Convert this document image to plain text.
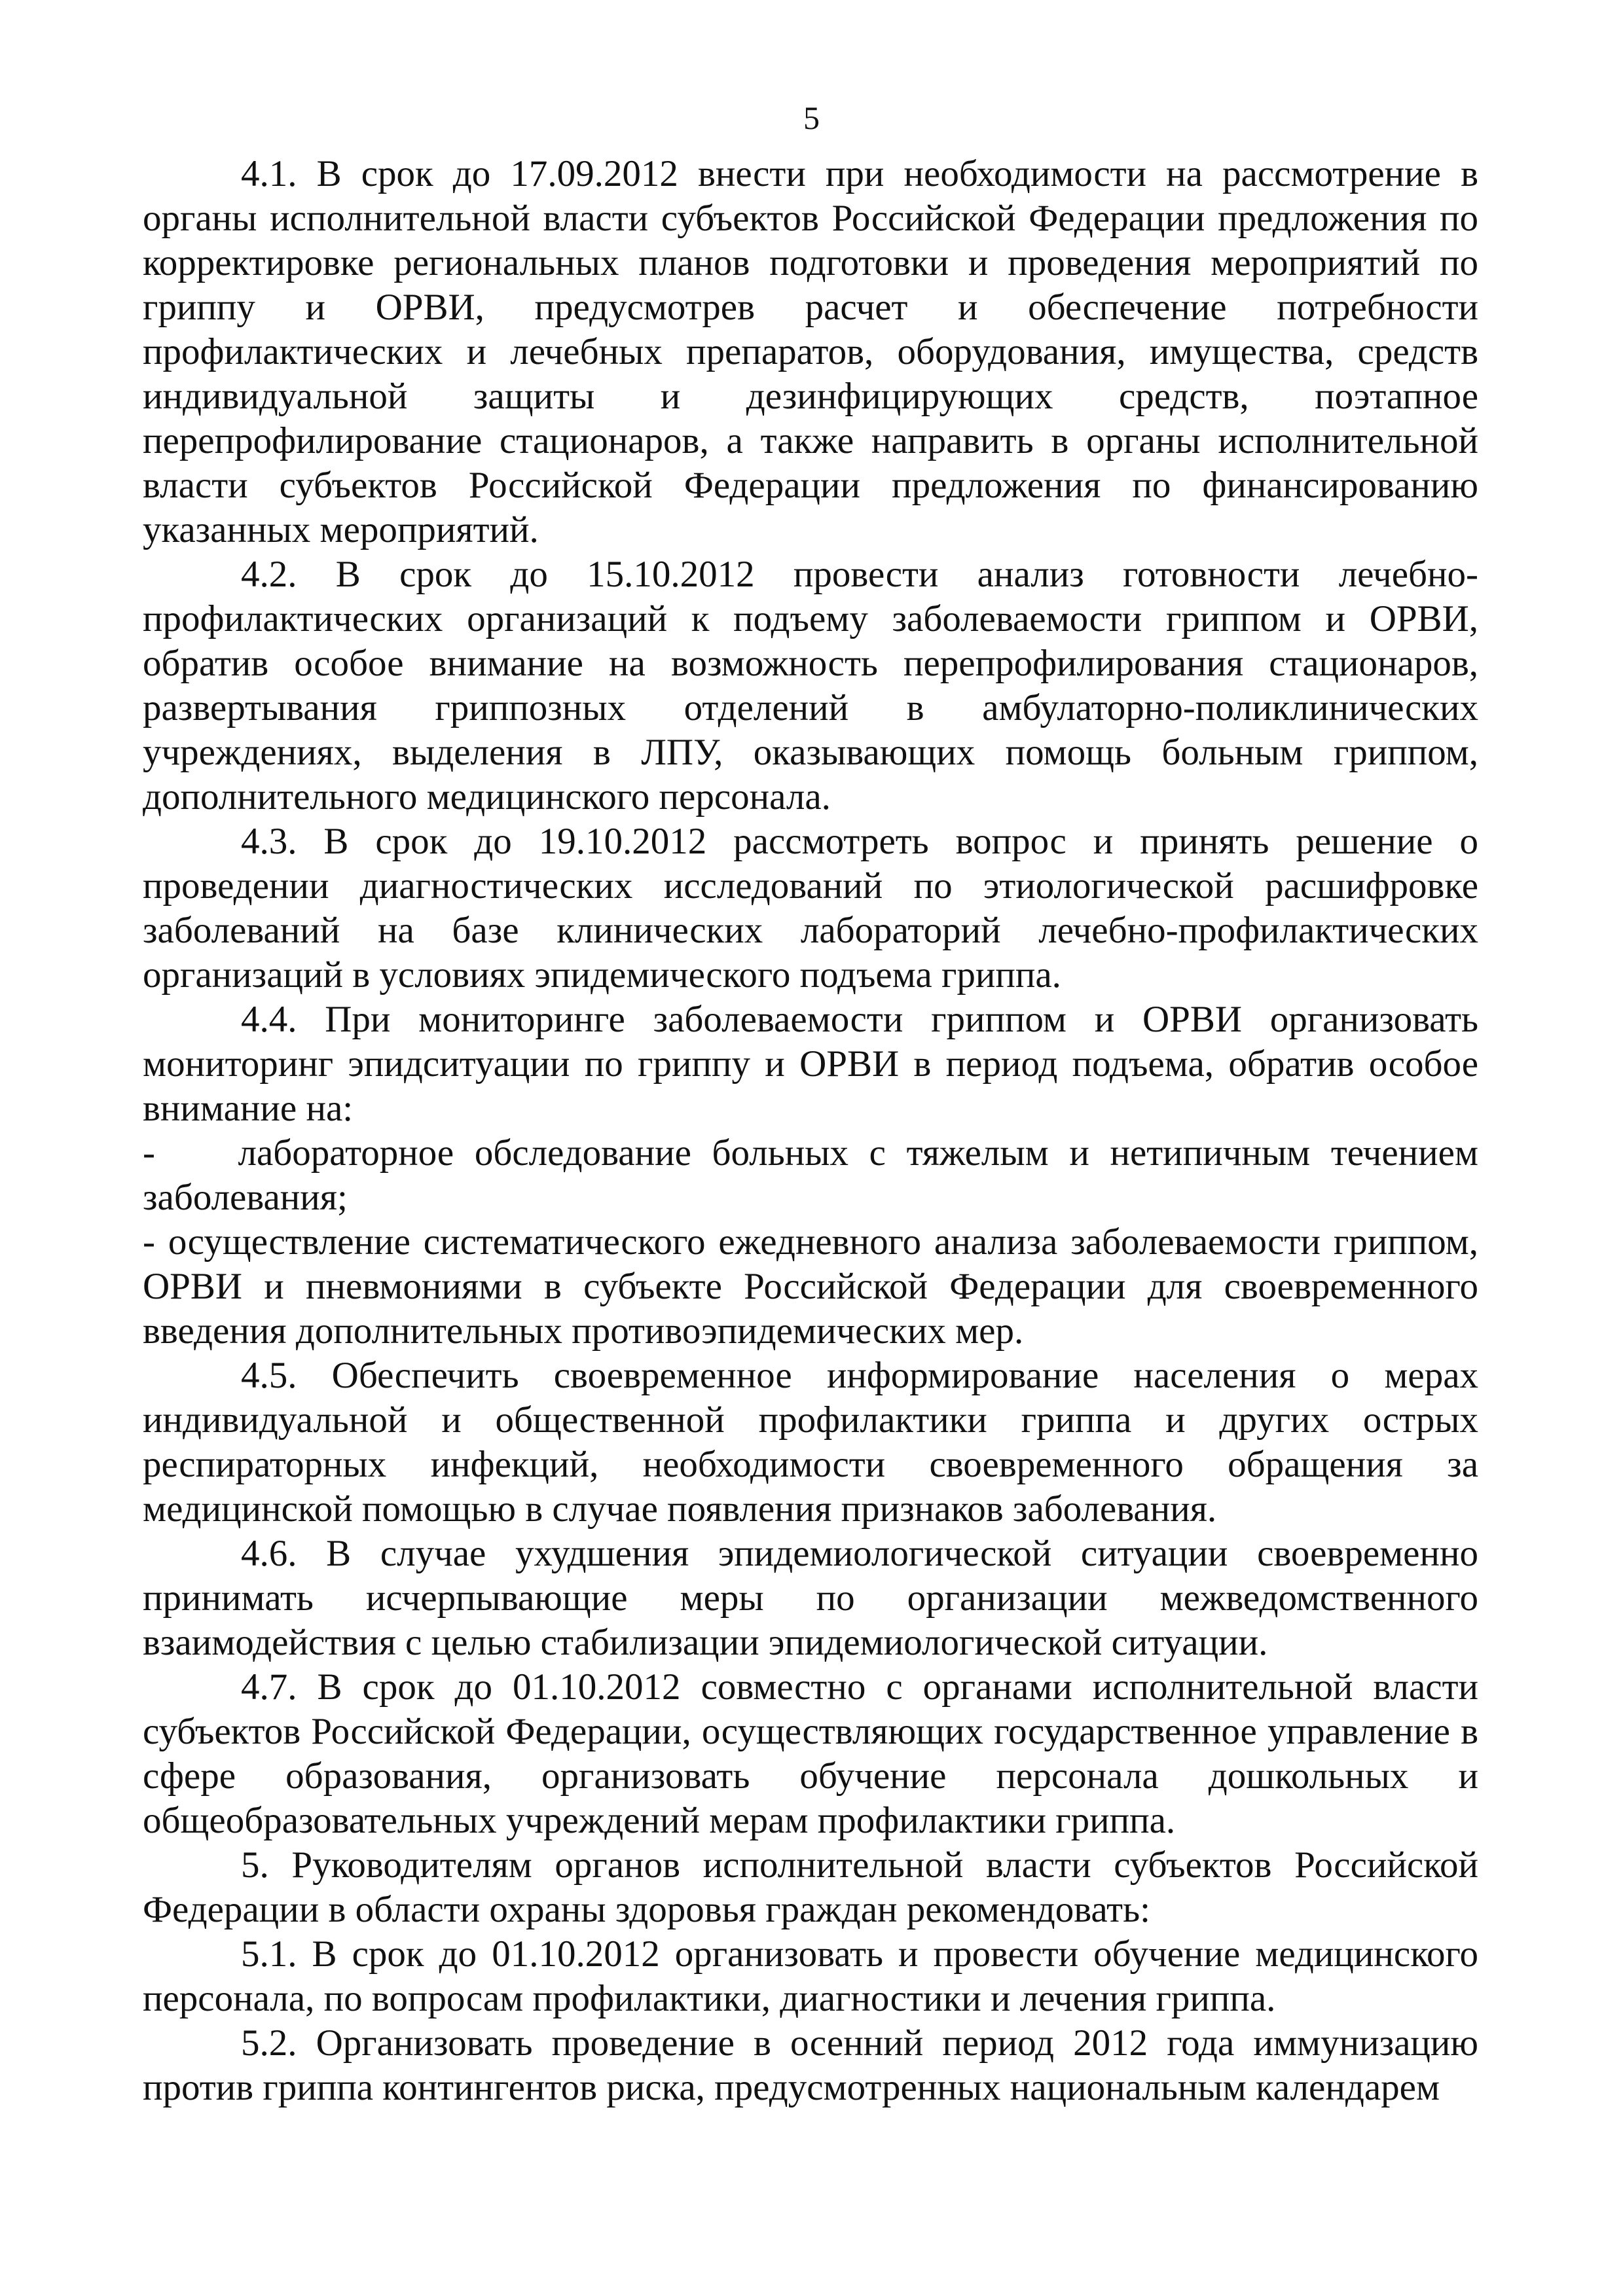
5

4.1. В срок до 17.09.2012 внести при необходимости на рассмотрение в органы исполнительной власти субъектов Российской Федерации предложения по корректировке региональных планов подготовки и проведения мероприятий по гриппу и ОРВИ, предусмотрев расчет и обеспечение потребности профилактических и лечебных препаратов, оборудования, имущества, средств индивидуальной защиты и дезинфицирующих средств, поэтапное перепрофилирование стационаров, а также направить в органы исполнительной власти субъектов Российской Федерации предложения по финансированию указанных мероприятий.

4.2. В срок до 15.10.2012 провести анализ готовности лечебно-профилактических организаций к подъему заболеваемости гриппом и ОРВИ, обратив особое внимание на возможность перепрофилирования стационаров, развертывания гриппозных отделений в амбулаторно-поликлинических учреждениях, выделения в ЛПУ, оказывающих помощь больным гриппом, дополнительного медицинского персонала.

4.3. В срок до 19.10.2012 рассмотреть вопрос и принять решение о проведении диагностических исследований по этиологической расшифровке заболеваний на базе клинических лабораторий лечебно-профилактических организаций в условиях эпидемического подъема гриппа.

4.4. При мониторинге заболеваемости гриппом и ОРВИ организовать мониторинг эпидситуации по гриппу и ОРВИ в период подъема, обратив особое внимание на:

-    лабораторное обследование больных с тяжелым и нетипичным течением заболевания;

- осуществление систематического ежедневного анализа заболеваемости гриппом, ОРВИ и пневмониями в субъекте Российской Федерации для своевременного введения дополнительных противоэпидемических мер.

4.5. Обеспечить своевременное информирование населения о мерах индивидуальной и общественной профилактики гриппа и других острых респираторных инфекций, необходимости своевременного обращения за медицинской помощью в случае появления признаков заболевания.

4.6. В случае ухудшения эпидемиологической ситуации своевременно принимать исчерпывающие меры по организации межведомственного взаимодействия с целью стабилизации эпидемиологической ситуации.

4.7. В срок до 01.10.2012 совместно с органами исполнительной власти субъектов Российской Федерации, осуществляющих государственное управление в сфере образования, организовать обучение персонала дошкольных и общеобразовательных учреждений мерам профилактики гриппа.

5. Руководителям органов исполнительной власти субъектов Российской Федерации в области охраны здоровья граждан рекомендовать:

5.1. В срок до 01.10.2012 организовать и провести обучение медицинского персонала, по вопросам профилактики, диагностики и лечения гриппа.

5.2. Организовать проведение в осенний период 2012 года иммунизацию против гриппа контингентов риска, предусмотренных национальным календарем
